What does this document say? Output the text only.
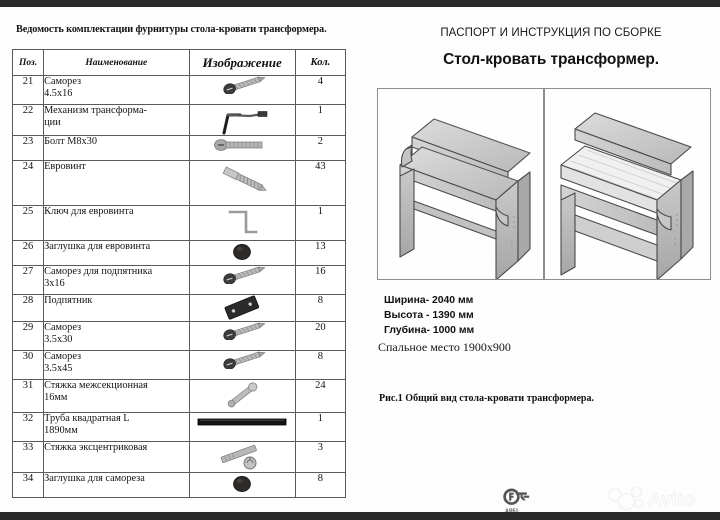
Ведомость комплектации фурнитуры стола-кровати трансформера.
Поз.	Наименование	Изображение	Кол.
21	Саморез
4.5x16		4
22	Механизм трансформа-
ции		1
23	Болт M8x30		2
24	Евровинт		43
25	Ключ для евровинта		1
26	Заглушка для евровинта		13
27	Саморез для подпятника
3x16		16
28	Подпятник		8
29	Саморез
3.5x30		20
30	Саморез
3.5x45		8
31	Стяжка межсекционная
16мм		24
32	Труба квадратная L
1890мм		1
33	Стяжка эксцентриковая		3
34	Заглушка для самореза		8
ПАСПОРТ И ИНСТРУКЦИЯ ПО СБОРКЕ
Стол-кровать трансформер.
Ширина- 2040 мм
Высота - 1390 мм
Глубина- 1000 мм
Спальное место 1900x900
Рис.1 Общий вид стола-кровати трансформера.
Avito
